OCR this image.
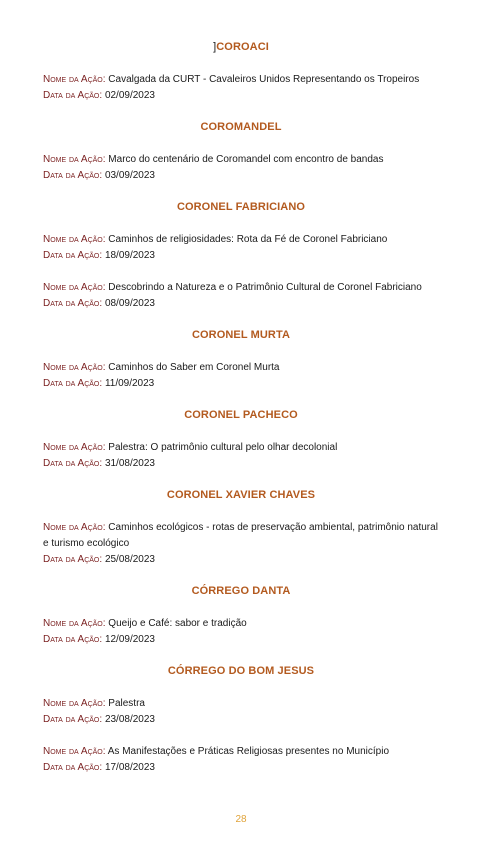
]COROACI
Nome da Ação: Cavalgada da CURT - Cavaleiros Unidos Representando os Tropeiros
Data da Ação: 02/09/2023
COROMANDEL
Nome da Ação: Marco do centenário de Coromandel com encontro de bandas
Data da Ação: 03/09/2023
CORONEL FABRICIANO
Nome da Ação: Caminhos de religiosidades: Rota da Fé de Coronel Fabriciano
Data da Ação: 18/09/2023
Nome da Ação: Descobrindo a Natureza e o Patrimônio Cultural de Coronel Fabriciano
Data da Ação: 08/09/2023
CORONEL MURTA
Nome da Ação: Caminhos do Saber em Coronel Murta
Data da Ação: 11/09/2023
CORONEL PACHECO
Nome da Ação: Palestra: O patrimônio cultural pelo olhar decolonial
Data da Ação: 31/08/2023
CORONEL XAVIER CHAVES
Nome da Ação: Caminhos ecológicos - rotas de preservação ambiental, patrimônio natural e turismo ecológico
Data da Ação: 25/08/2023
CÓRREGO DANTA
Nome da Ação: Queijo e Café: sabor e tradição
Data da Ação: 12/09/2023
CÓRREGO DO BOM JESUS
Nome da Ação: Palestra
Data da Ação: 23/08/2023
Nome da Ação: As Manifestações e Práticas Religiosas presentes no Município
Data da Ação: 17/08/2023
28
